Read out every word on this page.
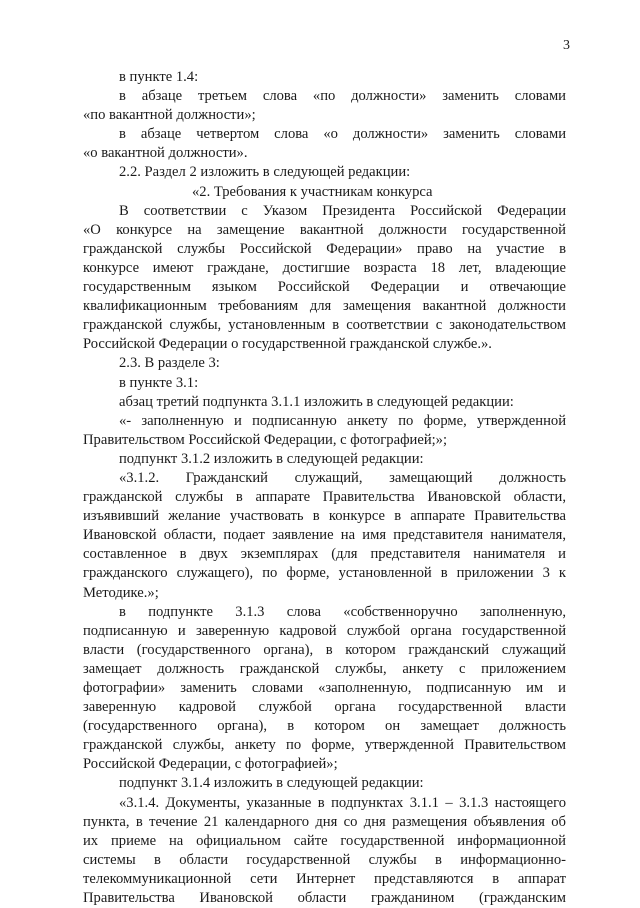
3
в пункте 1.4:
в абзаце третьем слова «по должности» заменить словами
«по вакантной должности»;
в абзаце четвертом слова «о должности» заменить словами
«о вакантной должности».
2.2. Раздел 2 изложить в следующей редакции:
«2. Требования к участникам конкурса
В соответствии с Указом Президента Российской Федерации
«О конкурсе на замещение вакантной должности государственной
гражданской службы Российской Федерации» право на участие в
конкурсе имеют граждане, достигшие возраста 18 лет, владеющие
государственным языком Российской Федерации и отвечающие
квалификационным требованиям для замещения вакантной должности
гражданской службы, установленным в соответствии с законодательством
Российской Федерации о государственной гражданской службе.».
2.3. В разделе 3:
в пункте 3.1:
абзац третий подпункта 3.1.1 изложить в следующей редакции:
«- заполненную и подписанную анкету по форме, утвержденной
Правительством Российской Федерации, с фотографией;»;
подпункт 3.1.2 изложить в следующей редакции:
«3.1.2. Гражданский служащий, замещающий должность
гражданской службы в аппарате Правительства Ивановской области,
изъявивший желание участвовать в конкурсе в аппарате Правительства
Ивановской области, подает заявление на имя представителя нанимателя,
составленное в двух экземплярах (для представителя нанимателя и
гражданского служащего), по форме, установленной в приложении 3 к
Методике.»;
в подпункте 3.1.3 слова «собственноручно заполненную,
подписанную и заверенную кадровой службой органа государственной
власти (государственного органа), в котором гражданский служащий
замещает должность гражданской службы, анкету с приложением
фотографии» заменить словами «заполненную, подписанную им и
заверенную кадровой службой органа государственной власти
(государственного органа), в котором он замещает должность
гражданской службы, анкету по форме, утвержденной Правительством
Российской Федерации, с фотографией»;
подпункт 3.1.4 изложить в следующей редакции:
«3.1.4. Документы, указанные в подпунктах 3.1.1 – 3.1.3 настоящего
пункта, в течение 21 календарного дня со дня размещения объявления об
их приеме на официальном сайте государственной информационной
системы в области государственной службы в информационно-
телекоммуникационной сети Интернет представляются в аппарат
Правительства Ивановской области гражданином (гражданским
